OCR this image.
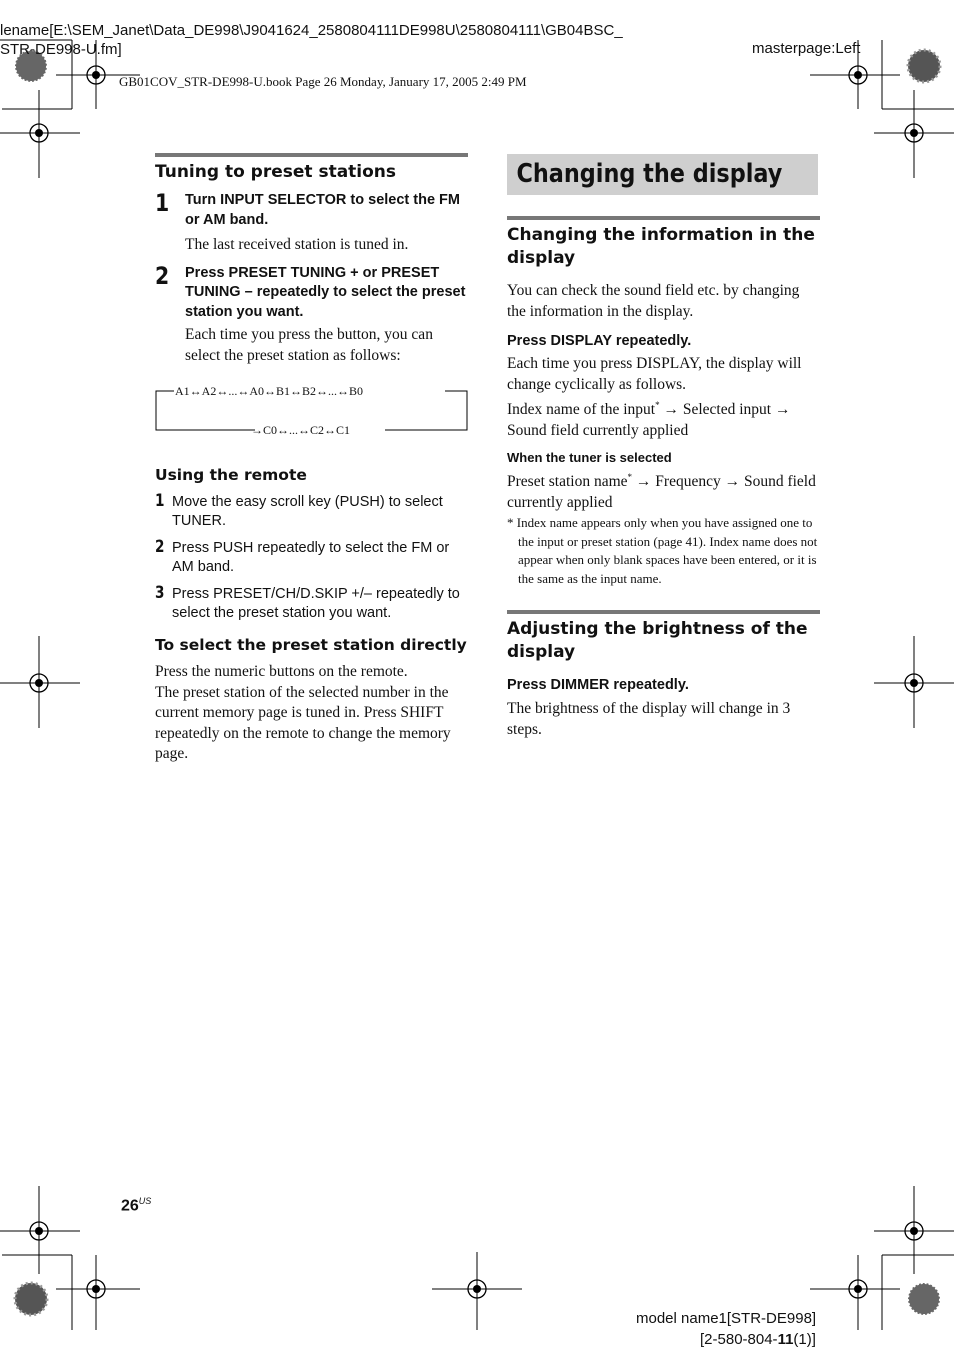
lename[E:\SEM_Janet\Data_DE998\J9041624_2580804111DE998U\2580804111\GB04BSC_
STR-DE998-U.fm]	masterpage:Left
GB01COV_STR-DE998-U.book Page 26 Monday, January 17, 2005 2:49 PM
Tuning to preset stations
1 Turn INPUT SELECTOR to select the FM or AM band.
The last received station is tuned in.
2 Press PRESET TUNING + or PRESET TUNING – repeatedly to select the preset station you want.
Each time you press the button, you can select the preset station as follows:
A1↔A2↔...↔A0↔B1↔B2↔...↔B0
→C0↔...↔C2↔C1
Using the remote
1 Move the easy scroll key (PUSH) to select TUNER.
2 Press PUSH repeatedly to select the FM or AM band.
3 Press PRESET/CH/D.SKIP +/– repeatedly to select the preset station you want.
To select the preset station directly
Press the numeric buttons on the remote.
The preset station of the selected number in the current memory page is tuned in. Press SHIFT repeatedly on the remote to change the memory page.
Changing the display
Changing the information in the display
You can check the sound field etc. by changing the information in the display.
Press DISPLAY repeatedly.
Each time you press DISPLAY, the display will change cyclically as follows.
Index name of the input* → Selected input → Sound field currently applied
When the tuner is selected
Preset station name* → Frequency → Sound field currently applied
* Index name appears only when you have assigned one to the input or preset station (page 41). Index name does not appear when only blank spaces have been entered, or it is the same as the input name.
Adjusting the brightness of the display
Press DIMMER repeatedly.
The brightness of the display will change in 3 steps.
$26^{US}$
model name1[STR-DE998]
[2-580-804-11(1)]
